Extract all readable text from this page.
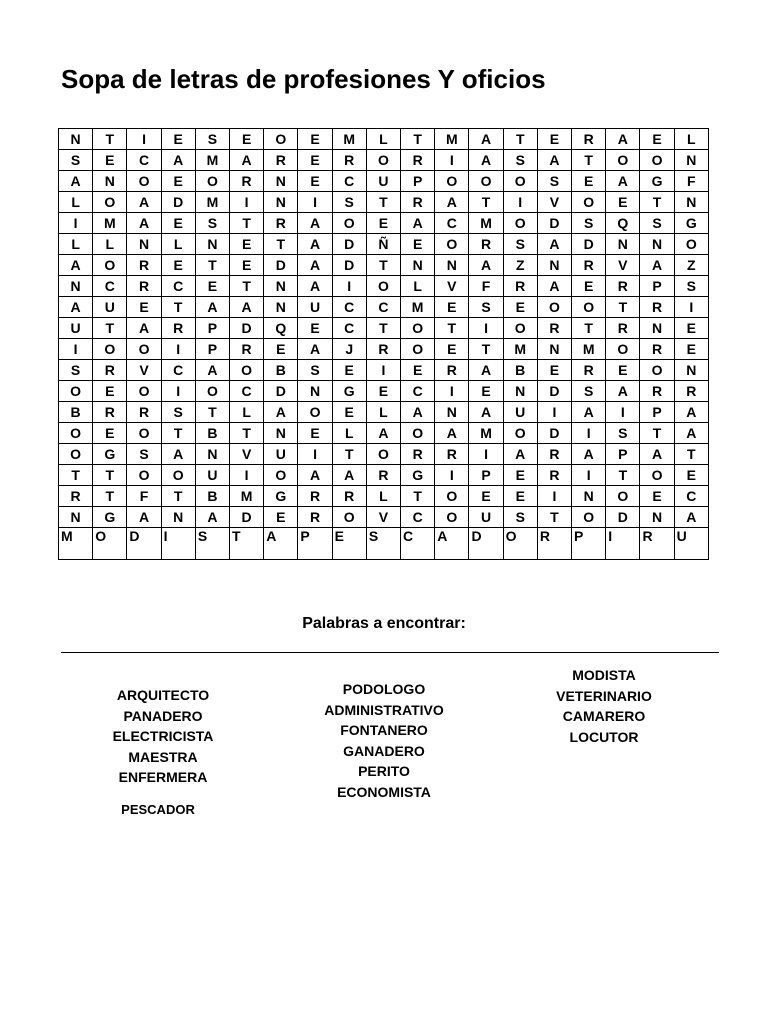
Sopa de letras de profesiones Y oficios
N	T	I	E	S	E	O	E	M	L	T	M	A	T	E	R	A	E	L
S	E	C	A	M	A	R	E	R	O	R	I	A	S	A	T	O	O	N
A	N	O	E	O	R	N	E	C	U	P	O	O	O	S	E	A	G	F
L	O	A	D	M	I	N	I	S	T	R	A	T	I	V	O	E	T	N
I	M	A	E	S	T	R	A	O	E	A	C	M	O	D	S	Q	S	G
L	L	N	L	N	E	T	A	D	Ñ	E	O	R	S	A	D	N	N	O
A	O	R	E	T	E	D	A	D	T	N	N	A	Z	N	R	V	A	Z
N	C	R	C	E	T	N	A	I	O	L	V	F	R	A	E	R	P	S
A	U	E	T	A	A	N	U	C	C	M	E	S	E	O	O	T	R	I
U	T	A	R	P	D	Q	E	C	T	O	T	I	O	R	T	R	N	E
I	O	O	I	P	R	E	A	J	R	O	E	T	M	N	M	O	R	E
S	R	V	C	A	O	B	S	E	I	E	R	A	B	E	R	E	O	N
O	E	O	I	O	C	D	N	G	E	C	I	E	N	D	S	A	R	R
B	R	R	S	T	L	A	O	E	L	A	N	A	U	I	A	I	P	A
O	E	O	T	B	T	N	E	L	A	O	A	M	O	D	I	S	T	A
O	G	S	A	N	V	U	I	T	O	R	R	I	A	R	A	P	A	T
T	T	O	O	U	I	O	A	A	R	G	I	P	E	R	I	T	O	E
R	T	F	T	B	M	G	R	R	L	T	O	E	E	I	N	O	E	C
N	G	A	N	A	D	E	R	O	V	C	O	U	S	T	O	D	N	A
M	O	D	I	S	T	A	P	E	S	C	A	D	O	R	P	I	R	U
Palabras a encontrar:
ARQUITECTO
PANADERO
ELECTRICISTA
MAESTRA
ENFERMERA
PODOLOGO
ADMINISTRATIVO
FONTANERO
GANADERO
PERITO
ECONOMISTA
MODISTA
VETERINARIO
CAMARERO
LOCUTOR
PESCADOR
